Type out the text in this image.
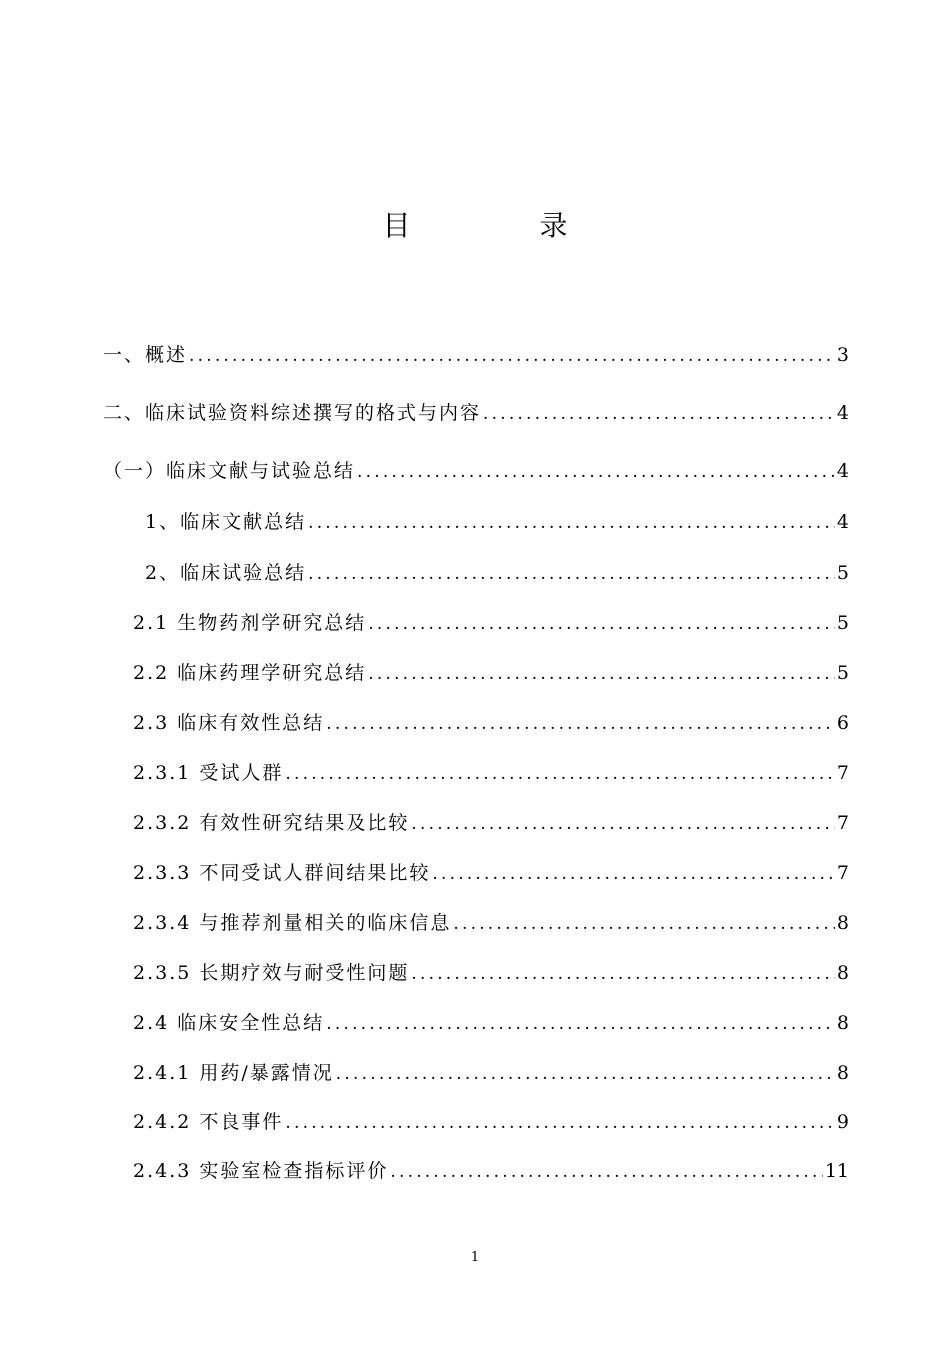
目 录
一、概述 .....	3
二、临床试验资料综述撰写的格式与内容 .....	4
（一）临床文献与试验总结 .....	4
1、临床文献总结 .....	4
2、临床试验总结 .....	5
2.1 生物药剂学研究总结 .....	5
2.2 临床药理学研究总结 .....	5
2.3 临床有效性总结 .....	6
2.3.1 受试人群 .....	7
2.3.2 有效性研究结果及比较 .....	7
2.3.3 不同受试人群间结果比较 .....	7
2.3.4 与推荐剂量相关的临床信息 .....	8
2.3.5 长期疗效与耐受性问题 .....	8
2.4 临床安全性总结 .....	8
2.4.1 用药/暴露情况 .....	8
2.4.2 不良事件 .....	9
2.4.3 实验室检查指标评价 .....	11
1
